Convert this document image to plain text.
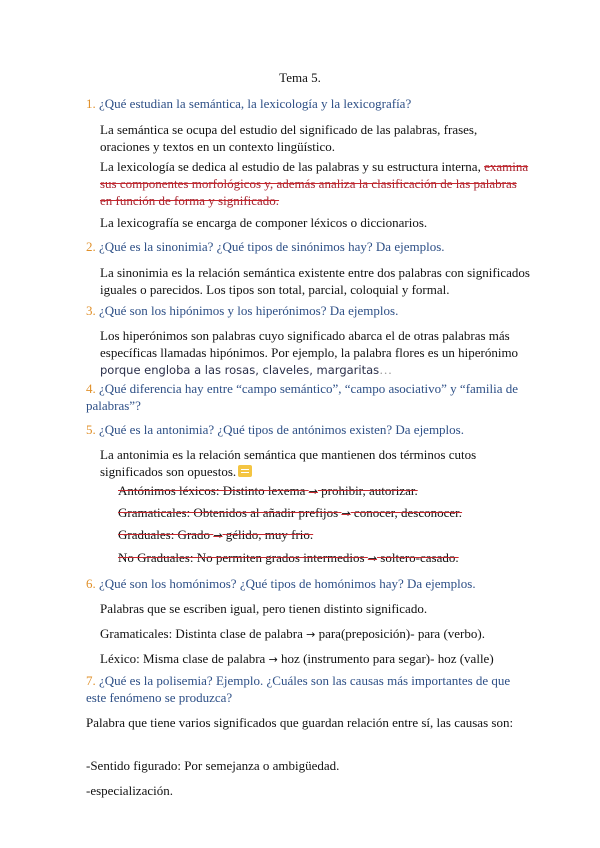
Tema 5.
1. ¿Qué estudian la semántica, la lexicología y la lexicografía?
La semántica se ocupa del estudio del significado de las palabras, frases, oraciones y textos en un contexto lingüístico.
La lexicología se dedica al estudio de las palabras y su estructura interna, examina sus componentes morfológicos y, además analiza la clasificación de las palabras en función de forma y significado.
La lexicografía se encarga de componer léxicos o diccionarios.
2. ¿Qué es la sinonimia? ¿Qué tipos de sinónimos hay? Da ejemplos.
La sinonimia es la relación semántica existente entre dos palabras con significados iguales o parecidos. Los tipos son total, parcial, coloquial y formal.
3. ¿Qué son los hipónimos y los hiperónimos? Da ejemplos.
Los hiperónimos son palabras cuyo significado abarca el de otras palabras más específicas llamadas hipónimos. Por ejemplo, la palabra flores es un hiperónimo porque engloba a las rosas, claveles, margaritas…
4. ¿Qué diferencia hay entre “campo semántico”, “campo asociativo” y “familia de palabras”?
5. ¿Qué es la antonimia? ¿Qué tipos de antónimos existen? Da ejemplos.
La antonimia es la relación semántica que mantienen dos términos cutos significados son opuestos.
Antónimos léxicos: Distinto lexema → prohibir, autorizar.
Gramaticales: Obtenidos al añadir prefijos → conocer, desconocer.
Graduales: Grado → gélido, muy frio.
No Graduales: No permiten grados intermedios → soltero-casado.
6. ¿Qué son los homónimos? ¿Qué tipos de homónimos hay? Da ejemplos.
Palabras que se escriben igual, pero tienen distinto significado.
Gramaticales: Distinta clase de palabra → para(preposición)- para (verbo).
Léxico: Misma clase de palabra → hoz (instrumento para segar)- hoz (valle)
7. ¿Qué es la polisemia? Ejemplo. ¿Cuáles son las causas más importantes de que este fenómeno se produzca?
Palabra que tiene varios significados que guardan relación entre sí, las causas son:
-Sentido figurado: Por semejanza o ambigüedad.
-especialización.
